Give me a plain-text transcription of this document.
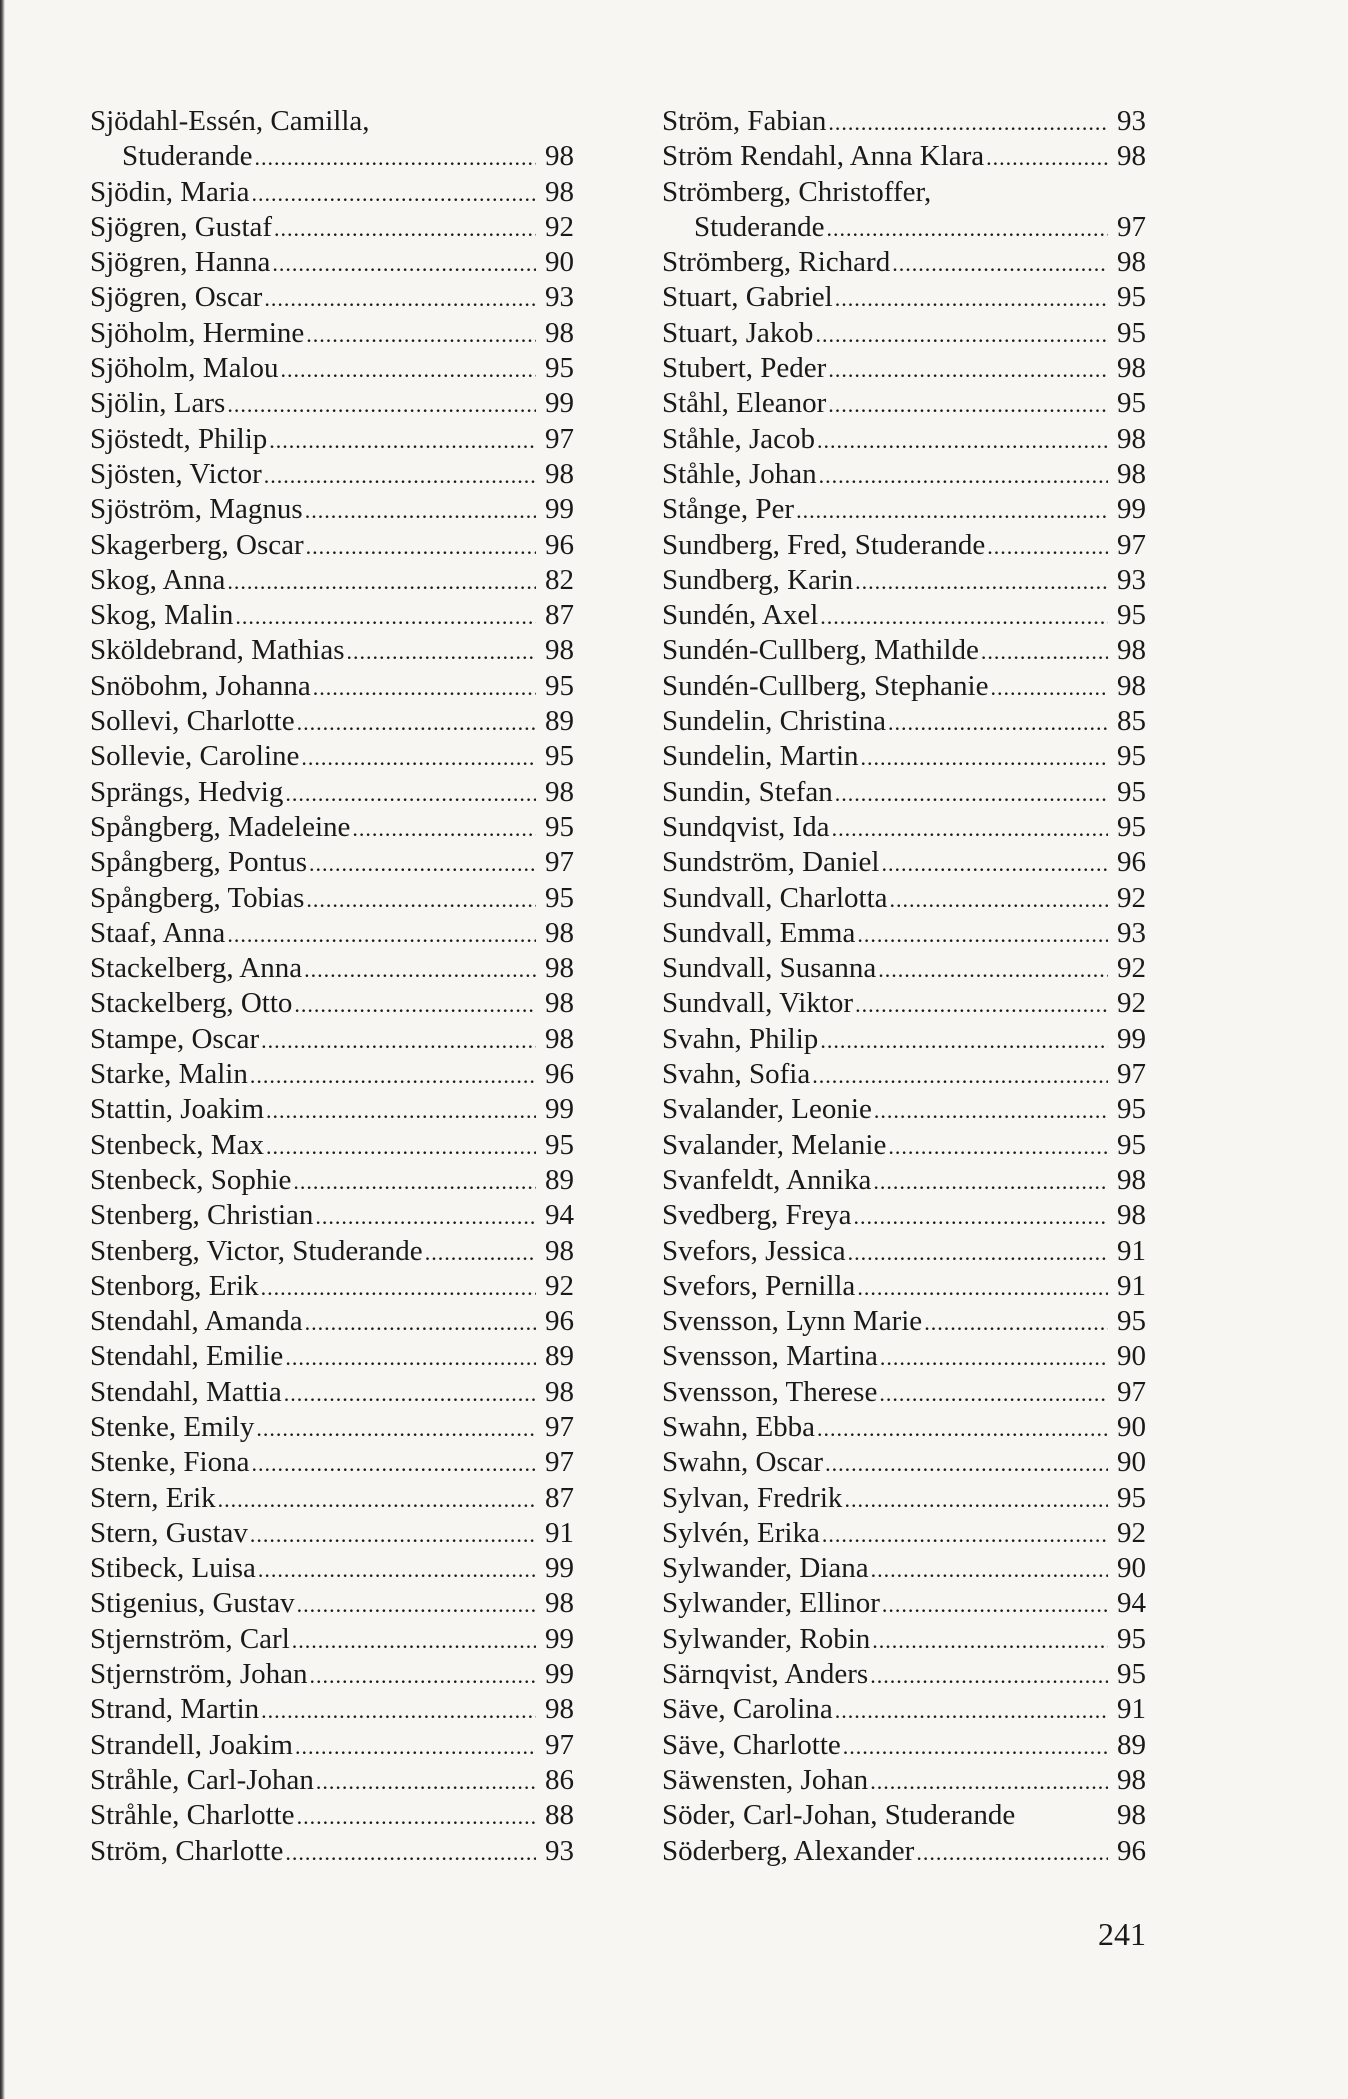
Sjödahl-Essén, Camilla,
Studerande .....	98
Sjödin, Maria .....	98
Sjögren, Gustaf .....	92
Sjögren, Hanna .....	90
Sjögren, Oscar .....	93
Sjöholm, Hermine .....	98
Sjöholm, Malou .....	95
Sjölin, Lars .....	99
Sjöstedt, Philip .....	97
Sjösten, Victor .....	98
Sjöström, Magnus .....	99
Skagerberg, Oscar .....	96
Skog, Anna .....	82
Skog, Malin .....	87
Sköldebrand, Mathias .....	98
Snöbohm, Johanna .....	95
Sollevi, Charlotte .....	89
Sollevie, Caroline .....	95
Sprängs, Hedvig .....	98
Spångberg, Madeleine .....	95
Spångberg, Pontus .....	97
Spångberg, Tobias .....	95
Staaf, Anna .....	98
Stackelberg, Anna .....	98
Stackelberg, Otto .....	98
Stampe, Oscar .....	98
Starke, Malin .....	96
Stattin, Joakim .....	99
Stenbeck, Max .....	95
Stenbeck, Sophie .....	89
Stenberg, Christian .....	94
Stenberg, Victor, Studerande .....	98
Stenborg, Erik .....	92
Stendahl, Amanda .....	96
Stendahl, Emilie .....	89
Stendahl, Mattia .....	98
Stenke, Emily .....	97
Stenke, Fiona .....	97
Stern, Erik .....	87
Stern, Gustav .....	91
Stibeck, Luisa .....	99
Stigenius, Gustav .....	98
Stjernström, Carl .....	99
Stjernström, Johan .....	99
Strand, Martin .....	98
Strandell, Joakim .....	97
Stråhle, Carl-Johan .....	86
Stråhle, Charlotte .....	88
Ström, Charlotte .....	93
Ström, Fabian .....	93
Ström Rendahl, Anna Klara .....	98
Strömberg, Christoffer,
Studerande .....	97
Strömberg, Richard .....	98
Stuart, Gabriel .....	95
Stuart, Jakob .....	95
Stubert, Peder .....	98
Ståhl, Eleanor .....	95
Ståhle, Jacob .....	98
Ståhle, Johan .....	98
Stånge, Per .....	99
Sundberg, Fred, Studerande .....	97
Sundberg, Karin .....	93
Sundén, Axel .....	95
Sundén-Cullberg, Mathilde .....	98
Sundén-Cullberg, Stephanie .....	98
Sundelin, Christina .....	85
Sundelin, Martin .....	95
Sundin, Stefan .....	95
Sundqvist, Ida .....	95
Sundström, Daniel .....	96
Sundvall, Charlotta .....	92
Sundvall, Emma .....	93
Sundvall, Susanna .....	92
Sundvall, Viktor .....	92
Svahn, Philip .....	99
Svahn, Sofia .....	97
Svalander, Leonie .....	95
Svalander, Melanie .....	95
Svanfeldt, Annika .....	98
Svedberg, Freya .....	98
Svefors, Jessica .....	91
Svefors, Pernilla .....	91
Svensson, Lynn Marie .....	95
Svensson, Martina .....	90
Svensson, Therese .....	97
Swahn, Ebba .....	90
Swahn, Oscar .....	90
Sylvan, Fredrik .....	95
Sylvén, Erika .....	92
Sylwander, Diana .....	90
Sylwander, Ellinor .....	94
Sylwander, Robin .....	95
Särnqvist, Anders .....	95
Säve, Carolina .....	91
Säve, Charlotte .....	89
Säwensten, Johan .....	98
Söder, Carl-Johan, Studerande	98
Söderberg, Alexander .....	96
241
